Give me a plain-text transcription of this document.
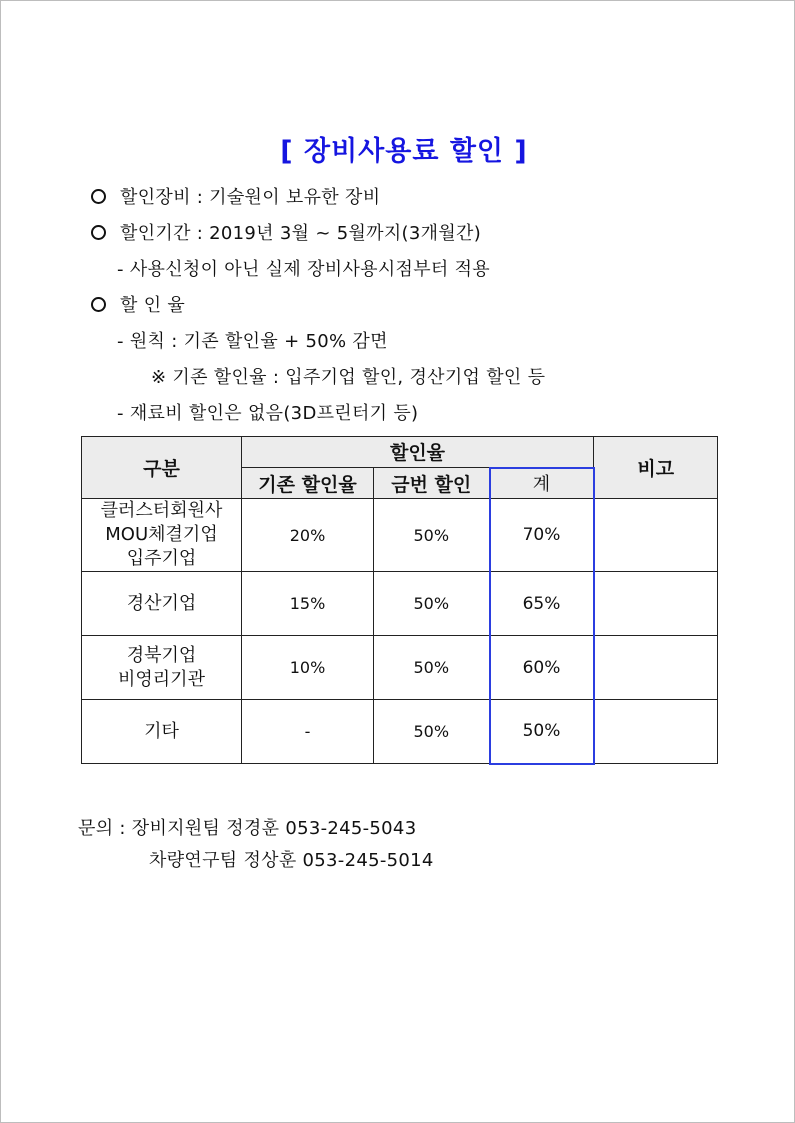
[ 장비사용료 할인 ]
할인장비 : 기술원이 보유한 장비
할인기간 : 2019년 3월 ~ 5월까지(3개월간)
- 사용신청이 아닌 실제 장비사용시점부터 적용
할 인 율
- 원칙 : 기존 할인율 + 50% 감면
※ 기존 할인율 : 입주기업 할인, 경산기업 할인 등
- 재료비 할인은 없음(3D프린터기 등)
구분	할인율			비고
	기존 할인율	금번 할인	계	

클러스터회원사
MOU체결기업
입주기업	20%	50%	70%	

경산기업	15%	50%	65%	

경북기업
비영리기관	10%	50%	60%	

기타	-	50%	50%	
문의 : 장비지원팀 정경훈 053-245-5043
차량연구팀 정상훈 053-245-5014
